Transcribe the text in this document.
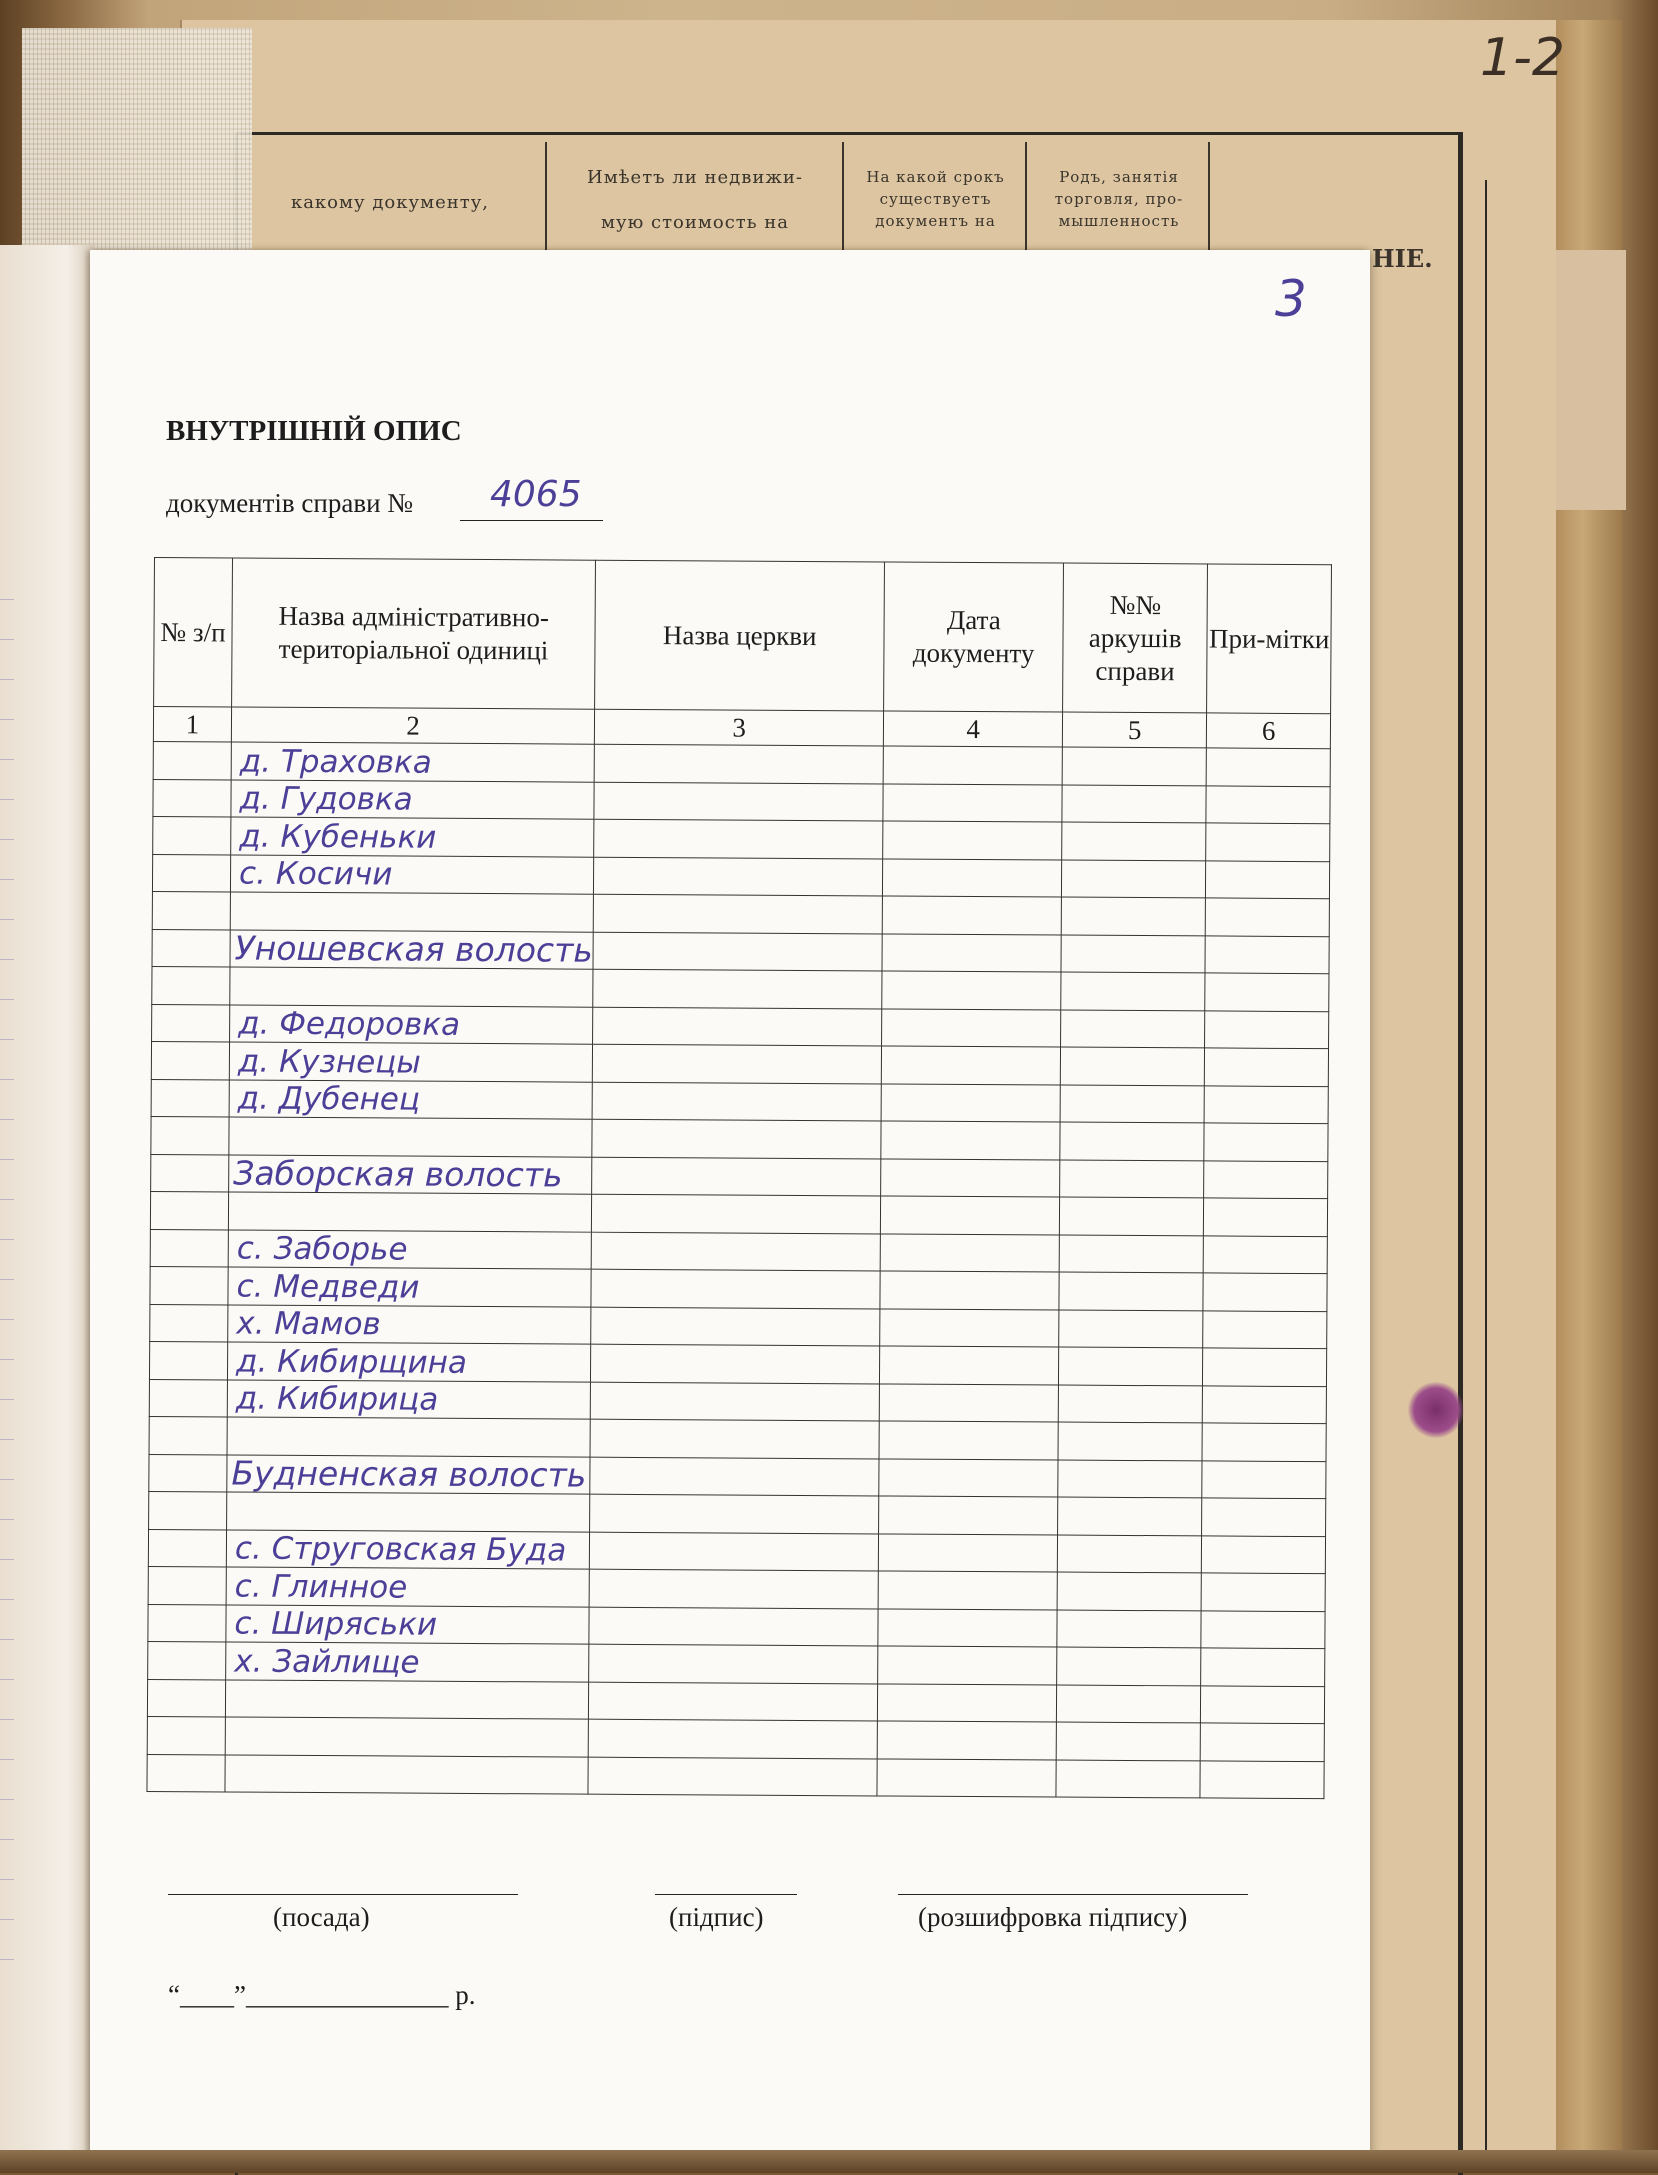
какому документу,
Имѣетъ ли недвижи-
мую стоимость на
На какой срокъ
существуетъ
документъ на
Родъ, занятія
торговля, про-
мышленность
НІЕ.
1-2
3
ВНУТРІШНІЙ ОПИС
документів справи № 4065
№ з/п	Назва адміністративно-територіальної одиниці	Назва церкви	Дата документу	№№ аркушів справи	При-мітки
1	2	3	4	5	6
	д. Траховка				
	д. Гудовка				
	д. Кубеньки				
	с. Косичи				

	Уношевская волость				

	д. Федоровка				
	д. Кузнецы				
	д. Дубенец				

	Заборская волость				

	с. Заборье				
	с. Медведи				
	х. Мамов				
	д. Кибирщина				
	д. Кибирица				

	Будненская волость				

	с. Струговская Буда				
	с. Глинное				
	с. Ширяськи				
	х. Зайлище				

(посада)	(підпис)	(розшифровка підпису)
“____”_______________ р.
